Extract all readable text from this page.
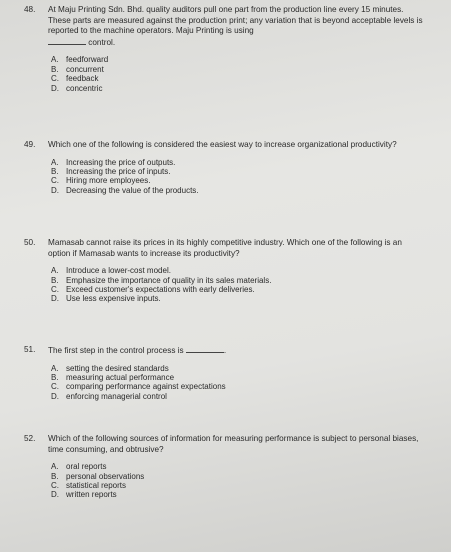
48. At Maju Printing Sdn. Bhd. quality auditors pull one part from the production line every 15 minutes. These parts are measured against the production print; any variation that is beyond acceptable levels is reported to the machine operators. Maju Printing is using
control.
A. feedforward
B. concurrent
C. feedback
D. concentric
49. Which one of the following is considered the easiest way to increase organizational productivity?
A. Increasing the price of outputs.
B. Increasing the price of inputs.
C. Hiring more employees.
D. Decreasing the value of the products.
50. Mamasab cannot raise its prices in its highly competitive industry. Which one of the following is an option if Mamasab wants to increase its productivity?
A. Introduce a lower-cost model.
B. Emphasize the importance of quality in its sales materials.
C. Exceed customer's expectations with early deliveries.
D. Use less expensive inputs.
51. The first step in the control process is	.
A. setting the desired standards
B. measuring actual performance
C. comparing performance against expectations
D. enforcing managerial control
52. Which of the following sources of information for measuring performance is subject to personal biases, time consuming, and obtrusive?
A. oral reports
B. personal observations
C. statistical reports
D. written reports
